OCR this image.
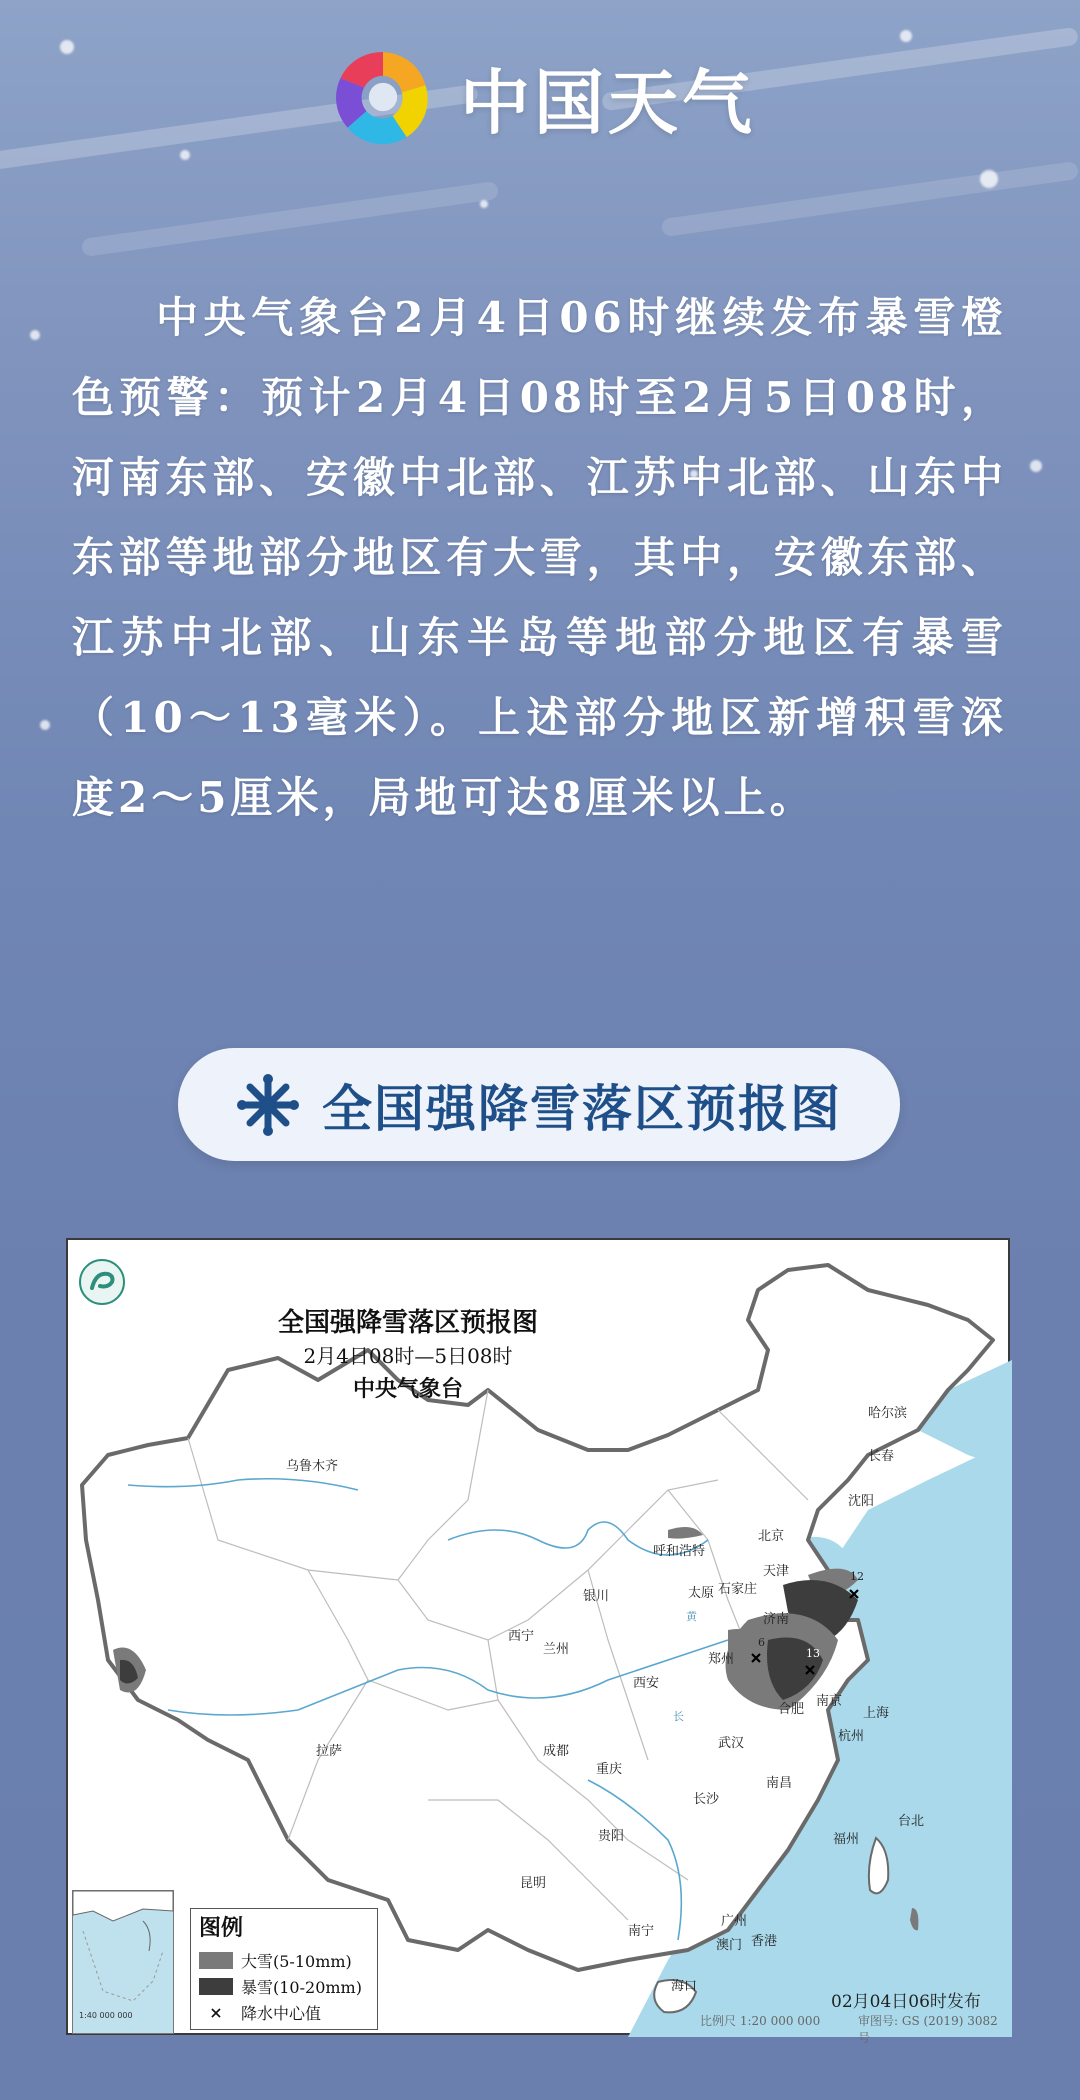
中国天气
中央气象台2月4日06时继续发布暴雪橙色预警：预计2月4日08时至2月5日08时，河南东部、安徽中北部、江苏中北部、山东中东部等地部分地区有大雪，其中，安徽东部、江苏中北部、山东半岛等地部分地区有暴雪（10～13毫米）。上述部分地区新增积雪深度2～5厘米，局地可达8厘米以上。
全国强降雪落区预报图
全国强降雪落区预报图
2月4日08时—5日08时
中央气象台
乌鲁木齐
哈尔滨
长春
沈阳
呼和浩特
北京
天津
太原 石家庄
济南
银川
西宁
兰州
郑州
西安
合肥
南京
上海
杭州
武汉
成都
重庆
拉萨
长沙
南昌
福州
台北
贵阳
昆明
南宁
广州
澳门 香港
海口
黄
长
12
13
6
1:40 000 000
图例
大雪(5-10mm)
暴雪(10-20mm)
×	降水中心值
02月04日06时发布
比例尺 1:20 000 000	审图号: GS (2019) 3082号
